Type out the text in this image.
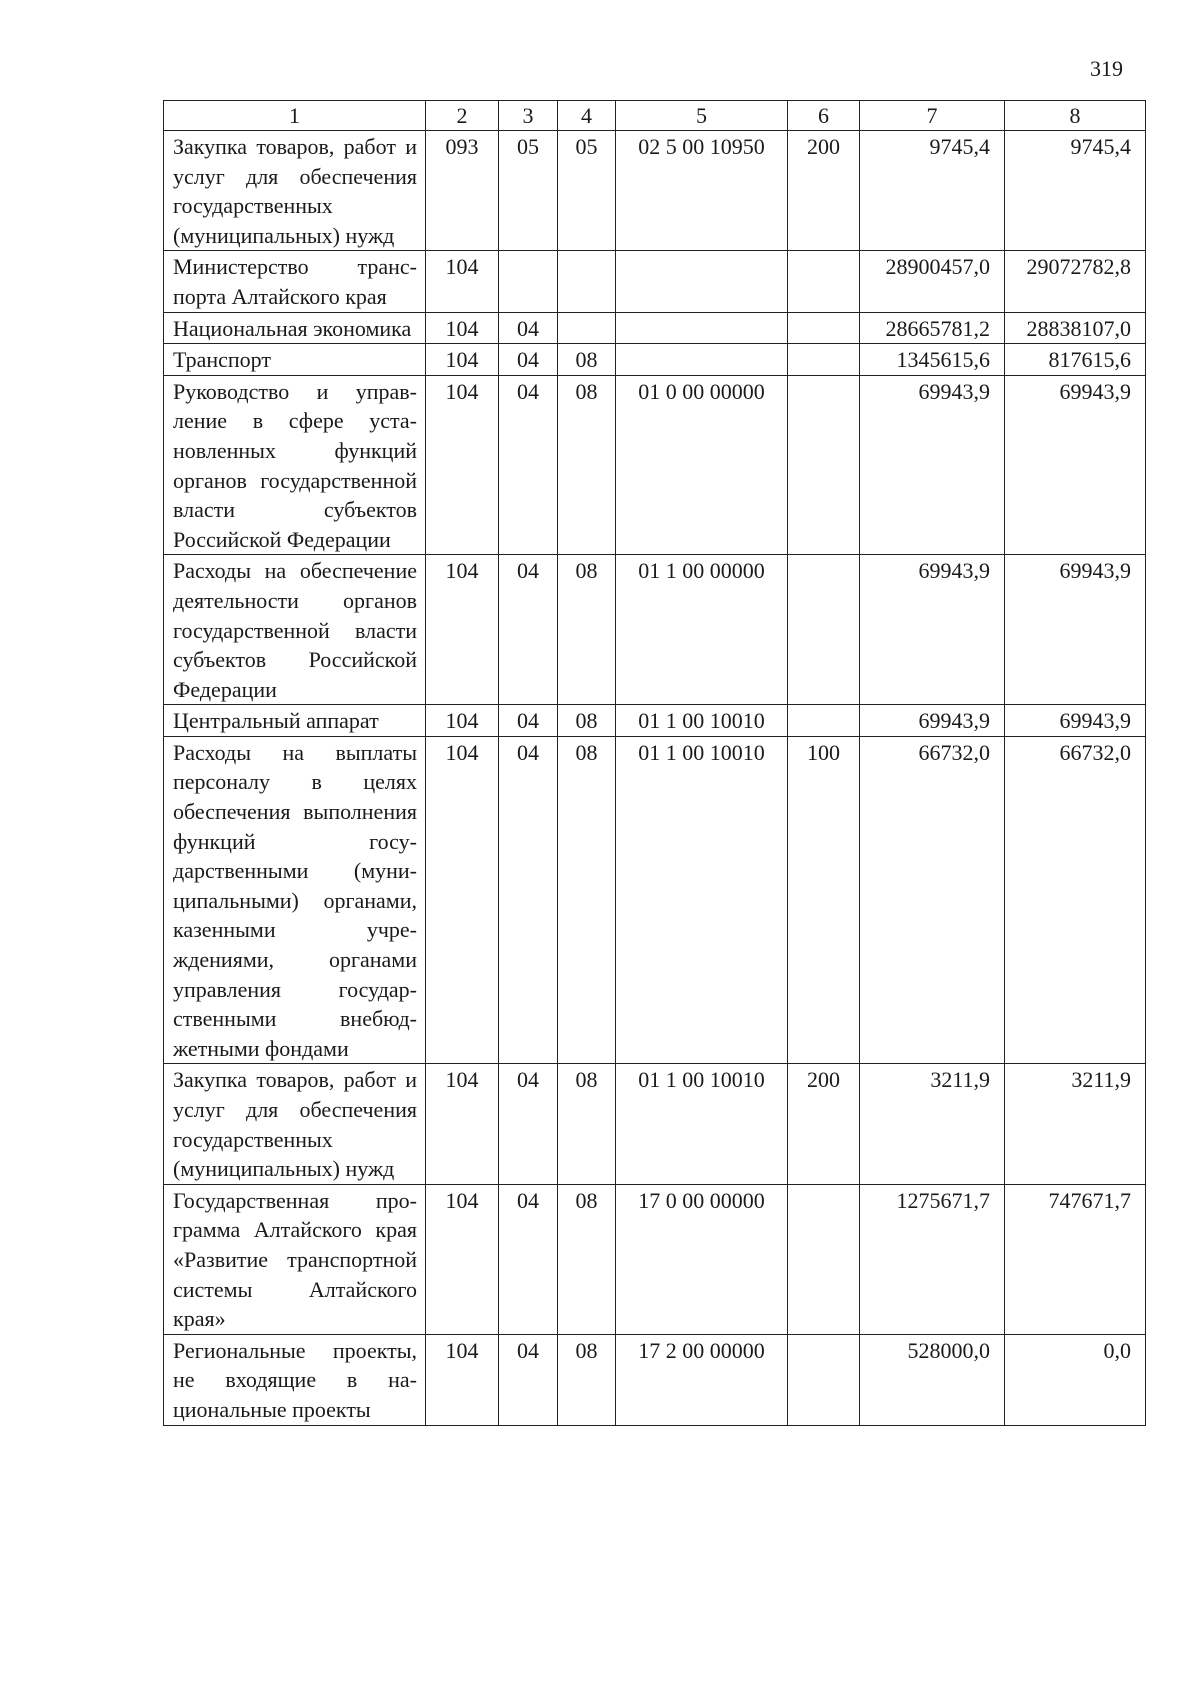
319
1	2	3	4	5	6	7	8
Закупка товаров, работ и услуг для обеспечения государственных (муниципальных) нужд	093	05	05	02 5 00 10950	200	9745,4	9745,4
Министерство транспорта Алтайского края	104					28900457,0	29072782,8
Национальная экономика	104	04				28665781,2	28838107,0
Транспорт	104	04	08			1345615,6	817615,6
Руководство и управление в сфере установленных функций органов государственной власти субъектов Российской Федерации	104	04	08	01 0 00 00000		69943,9	69943,9
Расходы на обеспечение деятельности органов государственной власти субъектов Российской Федерации	104	04	08	01 1 00 00000		69943,9	69943,9
Центральный аппарат	104	04	08	01 1 00 10010		69943,9	69943,9
Расходы на выплаты персоналу в целях обеспечения выполнения функций государственными (муниципальными) органами, казенными учреждениями, органами управления государственными внебюджетными фондами	104	04	08	01 1 00 10010	100	66732,0	66732,0
Закупка товаров, работ и услуг для обеспечения государственных (муниципальных) нужд	104	04	08	01 1 00 10010	200	3211,9	3211,9
Государственная программа Алтайского края «Развитие транспортной системы Алтайского края»	104	04	08	17 0 00 00000		1275671,7	747671,7
Региональные проекты, не входящие в национальные проекты	104	04	08	17 2 00 00000		528000,0	0,0
